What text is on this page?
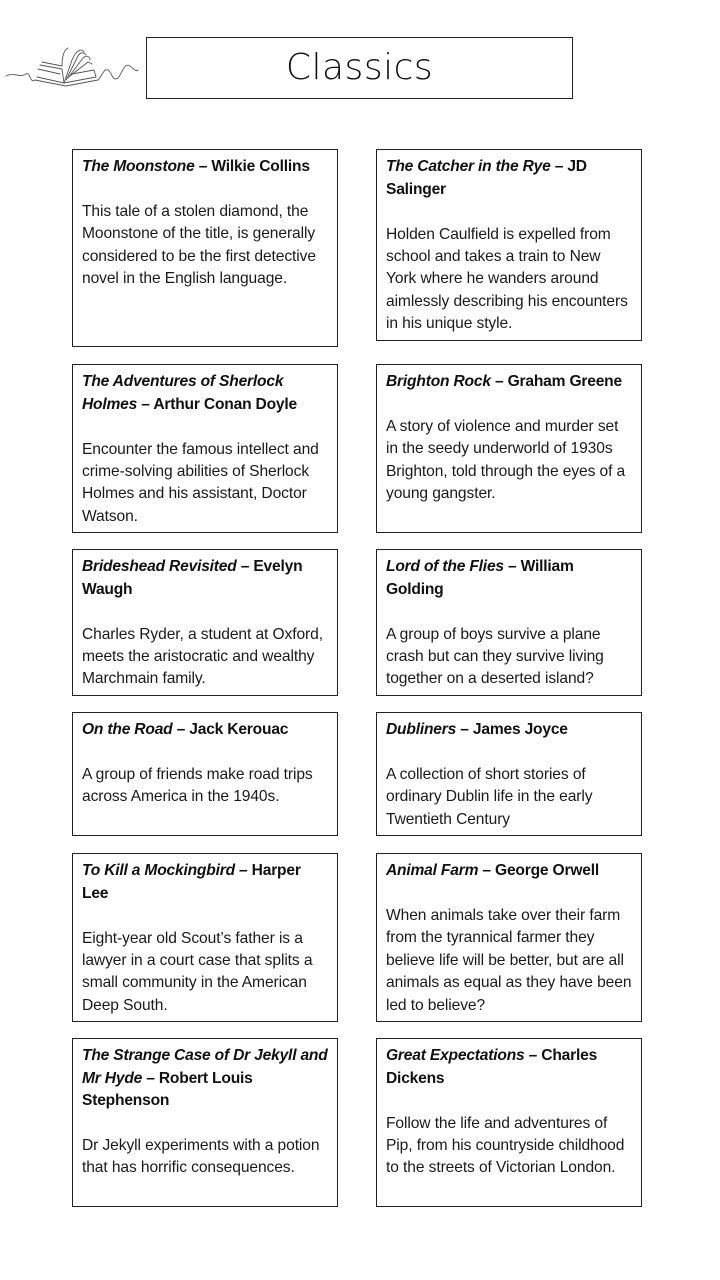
Classics

The Moonstone – Wilkie Collins

This tale of a stolen diamond, the Moonstone of the title, is generally considered to be the first detective novel in the English language.

The Catcher in the Rye – JD Salinger

Holden Caulfield is expelled from school and takes a train to New York where he wanders around aimlessly describing his encounters in his unique style.

The Adventures of Sherlock Holmes – Arthur Conan Doyle

Encounter the famous intellect and crime-solving abilities of Sherlock Holmes and his assistant, Doctor Watson.

Brighton Rock – Graham Greene

A story of violence and murder set in the seedy underworld of 1930s Brighton, told through the eyes of a young gangster.

Brideshead Revisited – Evelyn Waugh

Charles Ryder, a student at Oxford, meets the aristocratic and wealthy Marchmain family.

Lord of the Flies – William Golding

A group of boys survive a plane crash but can they survive living together on a deserted island?

On the Road – Jack Kerouac

A group of friends make road trips across America in the 1940s.

Dubliners – James Joyce

A collection of short stories of ordinary Dublin life in the early Twentieth Century

To Kill a Mockingbird – Harper Lee

Eight-year old Scout’s father is a lawyer in a court case that splits a small community in the American Deep South.

Animal Farm – George Orwell

When animals take over their farm from the tyrannical farmer they believe life will be better, but are all animals as equal as they have been led to believe?

The Strange Case of Dr Jekyll and Mr Hyde – Robert Louis Stephenson

Dr Jekyll experiments with a potion that has horrific consequences.

Great Expectations – Charles Dickens

Follow the life and adventures of Pip, from his countryside childhood to the streets of Victorian London.
